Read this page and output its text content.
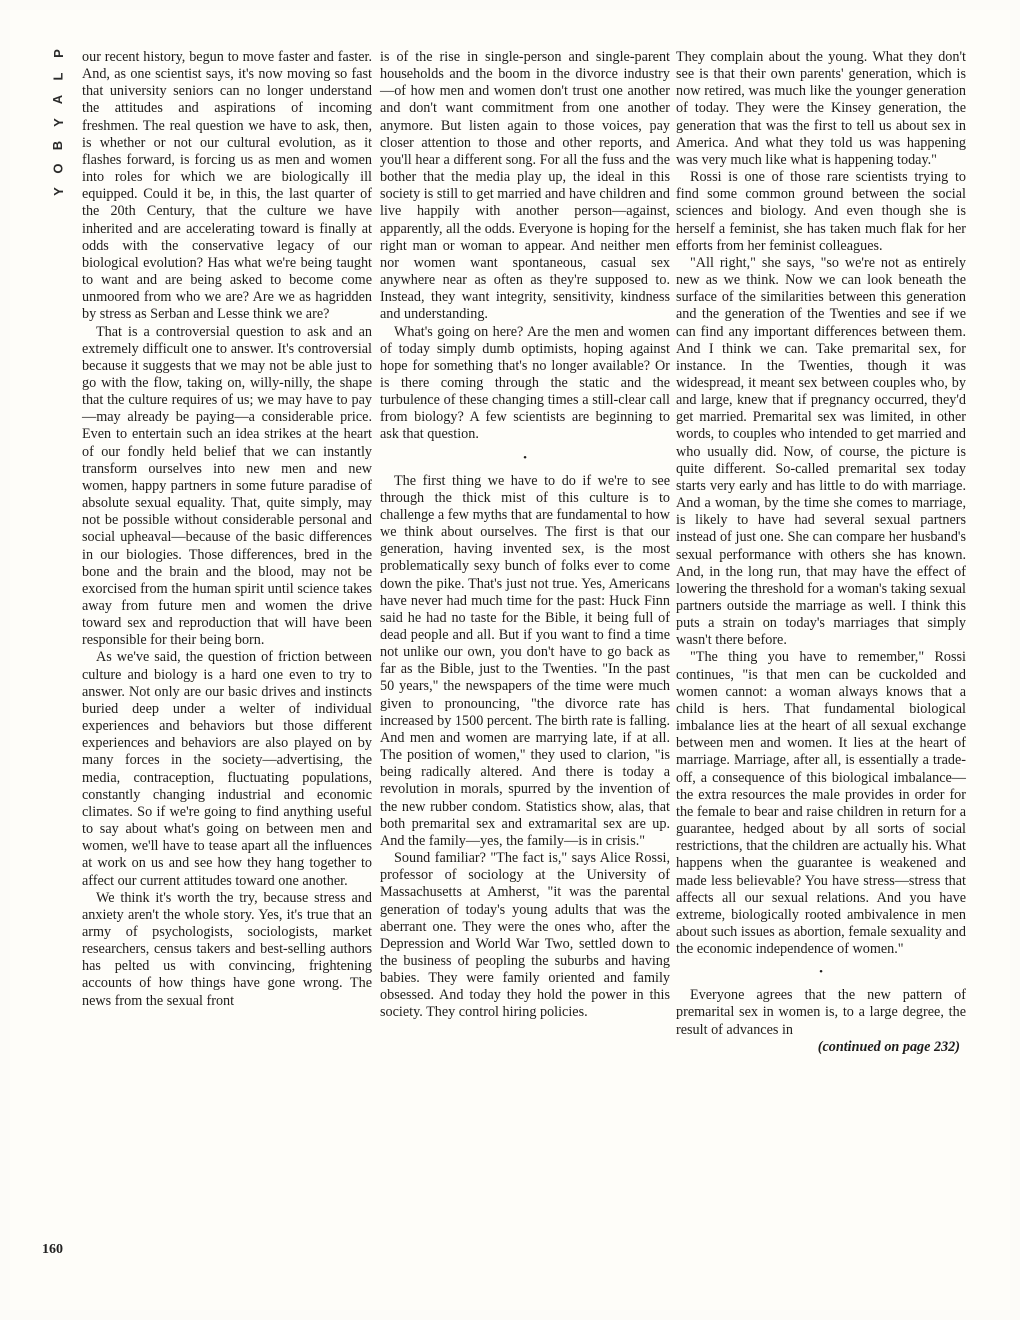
P
L
A
Y
B
O
Y

our recent history, begun to move faster and faster. And, as one scientist says, it's now moving so fast that university seniors can no longer understand the attitudes and aspirations of incoming freshmen. The real question we have to ask, then, is whether or not our cultural evolution, as it flashes forward, is forcing us as men and women into roles for which we are biologically ill equipped. Could it be, in this, the last quarter of the 20th Century, that the culture we have inherited and are accelerating toward is finally at odds with the conservative legacy of our biological evolution? Has what we're being taught to want and are being asked to become come unmoored from who we are? Are we as hagridden by stress as Serban and Lesse think we are?

That is a controversial question to ask and an extremely difficult one to answer. It's controversial because it suggests that we may not be able just to go with the flow, taking on, willy-nilly, the shape that the culture requires of us; we may have to pay—may already be paying—a considerable price. Even to entertain such an idea strikes at the heart of our fondly held belief that we can instantly transform ourselves into new men and new women, happy partners in some future paradise of absolute sexual equality. That, quite simply, may not be possible without considerable personal and social upheaval—because of the basic differences in our biologies. Those differences, bred in the bone and the brain and the blood, may not be exorcised from the human spirit until science takes away from future men and women the drive toward sex and reproduction that will have been responsible for their being born.

As we've said, the question of friction between culture and biology is a hard one even to try to answer. Not only are our basic drives and instincts buried deep under a welter of individual experiences and behaviors but those different experiences and behaviors are also played on by many forces in the society—advertising, the media, contraception, fluctuating populations, constantly changing industrial and economic climates. So if we're going to find anything useful to say about what's going on between men and women, we'll have to tease apart all the influences at work on us and see how they hang together to affect our current attitudes toward one another.

We think it's worth the try, because stress and anxiety aren't the whole story. Yes, it's true that an army of psychologists, sociologists, market researchers, census takers and best-selling authors has pelted us with convincing, frightening accounts of how things have gone wrong. The news from the sexual front

is of the rise in single-person and single-parent households and the boom in the divorce industry—of how men and women don't trust one another and don't want commitment from one another anymore. But listen again to those voices, pay closer attention to those and other reports, and you'll hear a different song. For all the fuss and the bother that the media play up, the ideal in this society is still to get married and have children and live happily with another person—against, apparently, all the odds. Everyone is hoping for the right man or woman to appear. And neither men nor women want spontaneous, casual sex anywhere near as often as they're supposed to. Instead, they want integrity, sensitivity, kindness and understanding.

What's going on here? Are the men and women of today simply dumb optimists, hoping against hope for something that's no longer available? Or is there coming through the static and the turbulence of these changing times a still-clear call from biology? A few scientists are beginning to ask that question.

•

The first thing we have to do if we're to see through the thick mist of this culture is to challenge a few myths that are fundamental to how we think about ourselves. The first is that our generation, having invented sex, is the most problematically sexy bunch of folks ever to come down the pike. That's just not true. Yes, Americans have never had much time for the past: Huck Finn said he had no taste for the Bible, it being full of dead people and all. But if you want to find a time not unlike our own, you don't have to go back as far as the Bible, just to the Twenties. "In the past 50 years," the newspapers of the time were much given to pronouncing, "the divorce rate has increased by 1500 percent. The birth rate is falling. And men and women are marrying late, if at all. The position of women," they used to clarion, "is being radically altered. And there is today a revolution in morals, spurred by the invention of the new rubber condom. Statistics show, alas, that both premarital sex and extramarital sex are up. And the family—yes, the family—is in crisis."

Sound familiar? "The fact is," says Alice Rossi, professor of sociology at the University of Massachusetts at Amherst, "it was the parental generation of today's young adults that was the aberrant one. They were the ones who, after the Depression and World War Two, settled down to the business of peopling the suburbs and having babies. They were family oriented and family obsessed. And today they hold the power in this society. They control hiring policies.

They complain about the young. What they don't see is that their own parents' generation, which is now retired, was much like the younger generation of today. They were the Kinsey generation, the generation that was the first to tell us about sex in America. And what they told us was happening was very much like what is happening today."

Rossi is one of those rare scientists trying to find some common ground between the social sciences and biology. And even though she is herself a feminist, she has taken much flak for her efforts from her feminist colleagues.

"All right," she says, "so we're not as entirely new as we think. Now we can look beneath the surface of the similarities between this generation and the generation of the Twenties and see if we can find any important differences between them. And I think we can. Take premarital sex, for instance. In the Twenties, though it was widespread, it meant sex between couples who, by and large, knew that if pregnancy occurred, they'd get married. Premarital sex was limited, in other words, to couples who intended to get married and who usually did. Now, of course, the picture is quite different. So-called premarital sex today starts very early and has little to do with marriage. And a woman, by the time she comes to marriage, is likely to have had several sexual partners instead of just one. She can compare her husband's sexual performance with others she has known. And, in the long run, that may have the effect of lowering the threshold for a woman's taking sexual partners outside the marriage as well. I think this puts a strain on today's marriages that simply wasn't there before.

"The thing you have to remember," Rossi continues, "is that men can be cuckolded and women cannot: a woman always knows that a child is hers. That fundamental biological imbalance lies at the heart of all sexual exchange between men and women. It lies at the heart of marriage. Marriage, after all, is essentially a trade-off, a consequence of this biological imbalance—the extra resources the male provides in order for the female to bear and raise children in return for a guarantee, hedged about by all sorts of social restrictions, that the children are actually his. What happens when the guarantee is weakened and made less believable? You have stress—stress that affects all our sexual relations. And you have extreme, biologically rooted ambivalence in men about such issues as abortion, female sexuality and the economic independence of women."

•

Everyone agrees that the new pattern of premarital sex in women is, to a large degree, the result of advances in

(continued on page 232)

160
